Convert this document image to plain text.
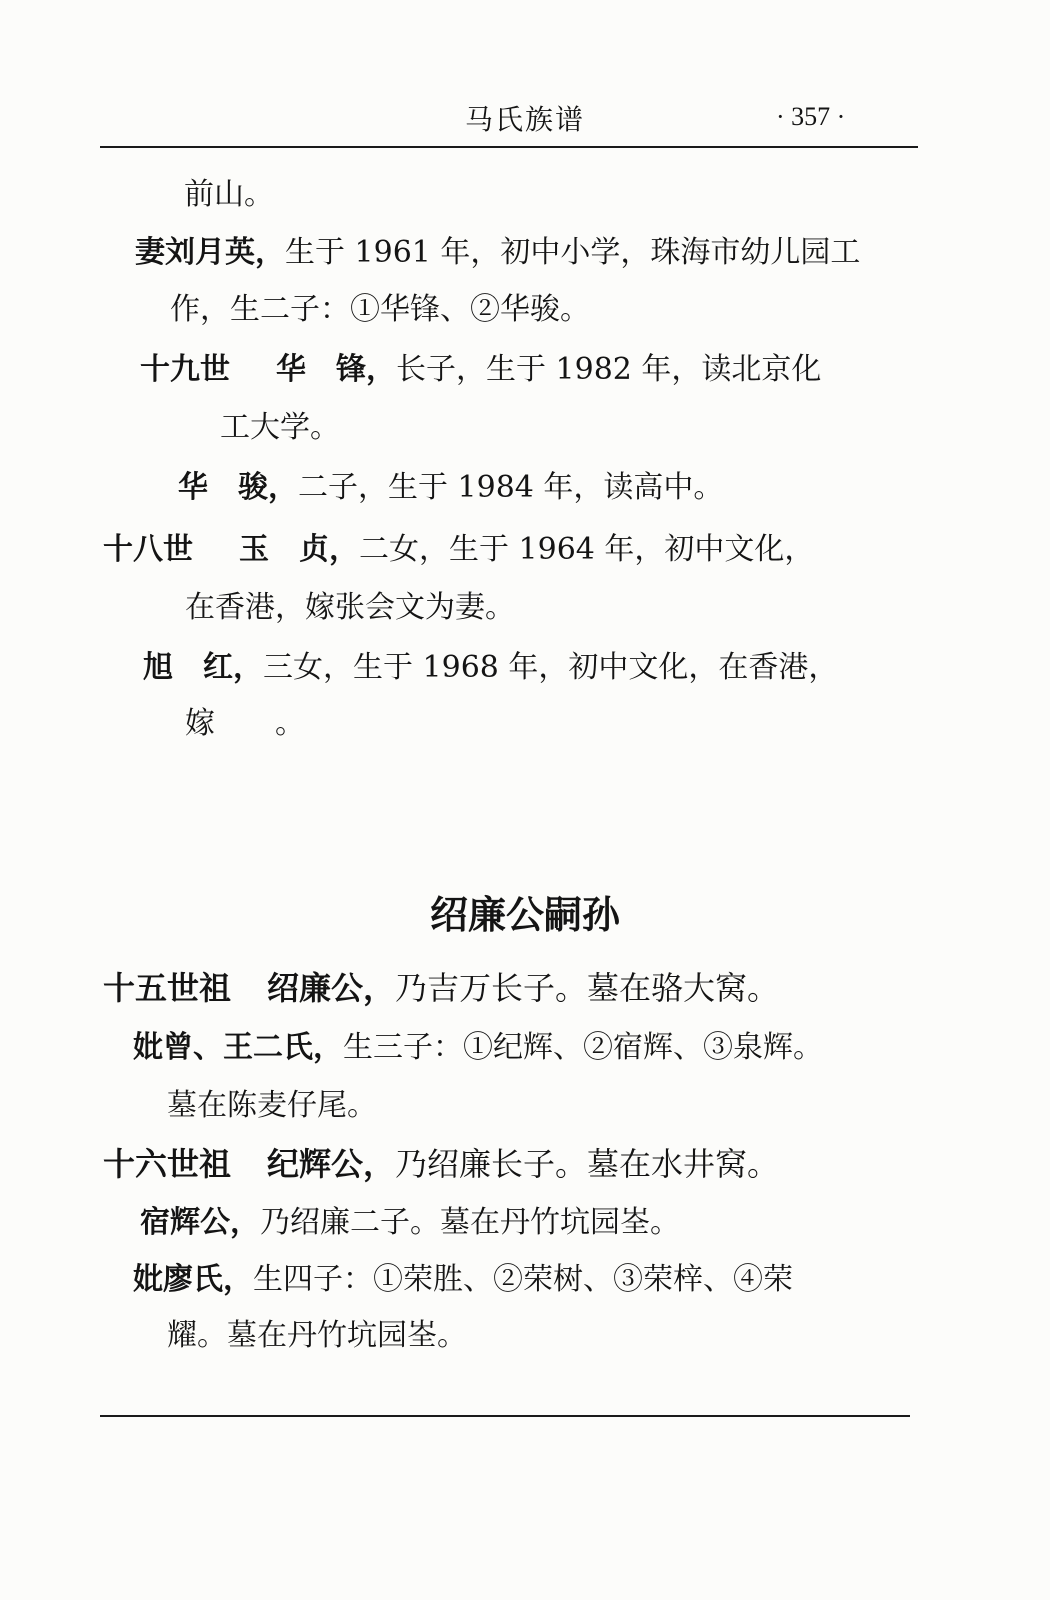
马氏族谱	· 357 ·
前山。
妻刘月英，生于 1961 年，初中小学，珠海市幼儿园工
作，生二子：①华锋、②华骏。
十九世 华　锋，长子，生于 1982 年，读北京化
工大学。
华　骏，二子，生于 1984 年，读高中。
十八世 玉　贞，二女，生于 1964 年，初中文化，
在香港，嫁张会文为妻。
旭　红，三女，生于 1968 年，初中文化，在香港，
嫁　　。
绍廉公嗣孙
十五世祖 绍廉公，乃吉万长子。墓在骆大窝。
妣曾、王二氏，生三子：①纪辉、②宿辉、③泉辉。
墓在陈麦仔尾。
十六世祖 纪辉公，乃绍廉长子。墓在水井窝。
宿辉公，乃绍廉二子。墓在丹竹坑园峑。
妣廖氏，生四子：①荣胜、②荣树、③荣梓、④荣
耀。墓在丹竹坑园峑。
